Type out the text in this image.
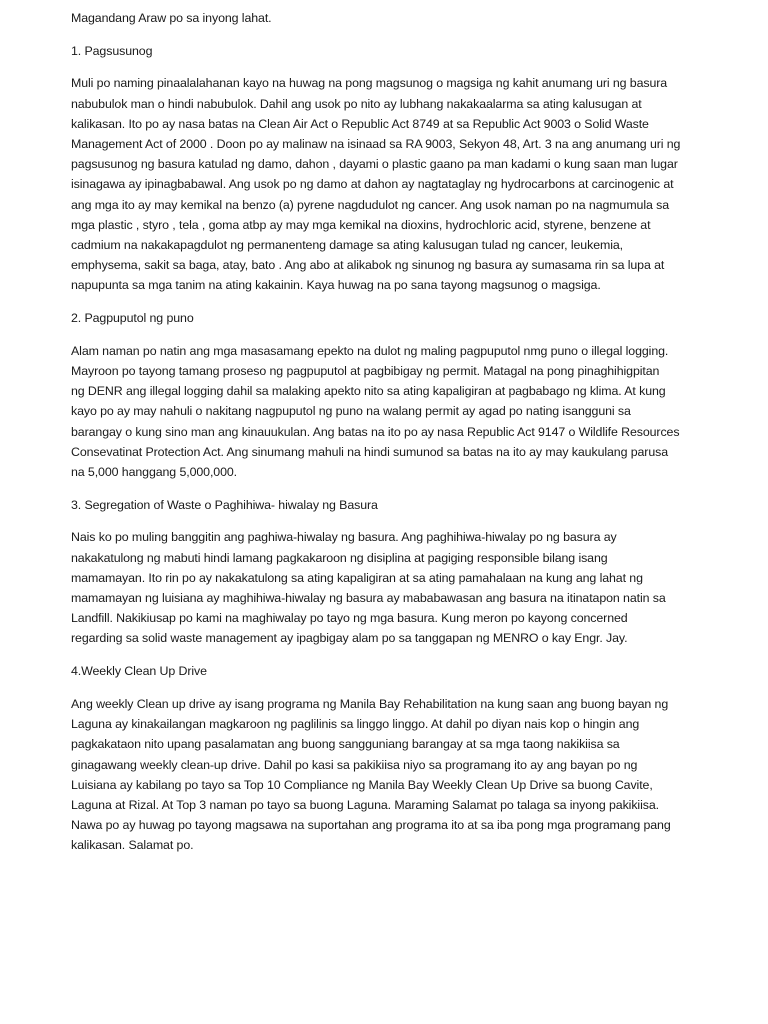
Magandang Araw po sa inyong lahat.

1. Pagsusunog

Muli po naming pinaalalahanan kayo na huwag na pong magsunog o magsiga ng kahit anumang uri ng basura
nabubulok man o hindi nabubulok. Dahil ang usok po nito ay lubhang nakakaalarma sa ating kalusugan at
kalikasan. Ito po ay nasa batas na Clean Air Act o Republic Act 8749 at sa Republic Act 9003 o Solid Waste
Management Act of 2000 . Doon po ay malinaw na isinaad sa RA 9003, Sekyon 48, Art. 3 na ang anumang uri ng
pagsusunog ng basura katulad ng damo, dahon , dayami o plastic gaano pa man kadami o kung saan man lugar
isinagawa ay ipinagbabawal. Ang usok po ng damo at dahon ay nagtataglay ng hydrocarbons at carcinogenic at
ang mga ito ay may kemikal na benzo (a) pyrene nagdudulot ng cancer. Ang usok naman po na nagmumula sa
mga plastic , styro , tela , goma atbp ay may mga kemikal na dioxins, hydrochloric acid, styrene, benzene at
cadmium na nakakapagdulot ng permanenteng damage sa ating kalusugan tulad ng cancer, leukemia,
emphysema, sakit sa baga, atay, bato . Ang abo at alikabok ng sinunog ng basura ay sumasama rin sa lupa at
napupunta sa mga tanim na ating kakainin. Kaya huwag na po sana tayong magsunog o magsiga.

2. Pagpuputol ng puno

Alam naman po natin ang mga masasamang epekto na dulot ng maling pagpuputol nmg puno o illegal logging.
Mayroon po tayong tamang proseso ng pagpuputol at pagbibigay ng permit. Matagal na pong pinaghihigpitan
ng DENR ang illegal logging dahil sa malaking apekto nito sa ating kapaligiran at pagbabago ng klima. At kung
kayo po ay may nahuli o nakitang nagpuputol ng puno na walang permit ay agad po nating isangguni sa
barangay o kung sino man ang kinauukulan. Ang batas na ito po ay nasa Republic Act 9147 o Wildlife Resources
Consevatinat Protection Act. Ang sinumang mahuli na hindi sumunod sa batas na ito ay may kaukulang parusa
na 5,000 hanggang 5,000,000.

3. Segregation of Waste o Paghihiwa- hiwalay ng Basura

Nais ko po muling banggitin ang paghiwa-hiwalay ng basura. Ang paghihiwa-hiwalay po ng basura ay
nakakatulong ng mabuti hindi lamang pagkakaroon ng disiplina at pagiging responsible bilang isang
mamamayan. Ito rin po ay nakakatulong sa ating kapaligiran at sa ating pamahalaan na kung ang lahat ng
mamamayan ng luisiana ay maghihiwa-hiwalay ng basura ay mababawasan ang basura na itinatapon natin sa
Landfill. Nakikiusap po kami na maghiwalay po tayo ng mga basura. Kung meron po kayong concerned
regarding sa solid waste management ay ipagbigay alam po sa tanggapan ng MENRO o kay Engr. Jay.

4.Weekly Clean Up Drive

Ang weekly Clean up drive ay isang programa ng Manila Bay Rehabilitation na kung saan ang buong bayan ng
Laguna ay kinakailangan magkaroon ng paglilinis sa linggo linggo. At dahil po diyan nais kop o hingin ang
pagkakataon nito upang pasalamatan ang buong sangguniang barangay at sa mga taong nakikiisa sa
ginagawang weekly clean-up drive. Dahil po kasi sa pakikiisa niyo sa programang ito ay ang bayan po ng
Luisiana ay kabilang po tayo sa Top 10 Compliance ng Manila Bay Weekly Clean Up Drive sa buong Cavite,
Laguna at Rizal. At Top 3 naman po tayo sa buong Laguna. Maraming Salamat po talaga sa inyong pakikiisa.
Nawa po ay huwag po tayong magsawa na suportahan ang programa ito at sa iba pong mga programang pang
kalikasan. Salamat po.
